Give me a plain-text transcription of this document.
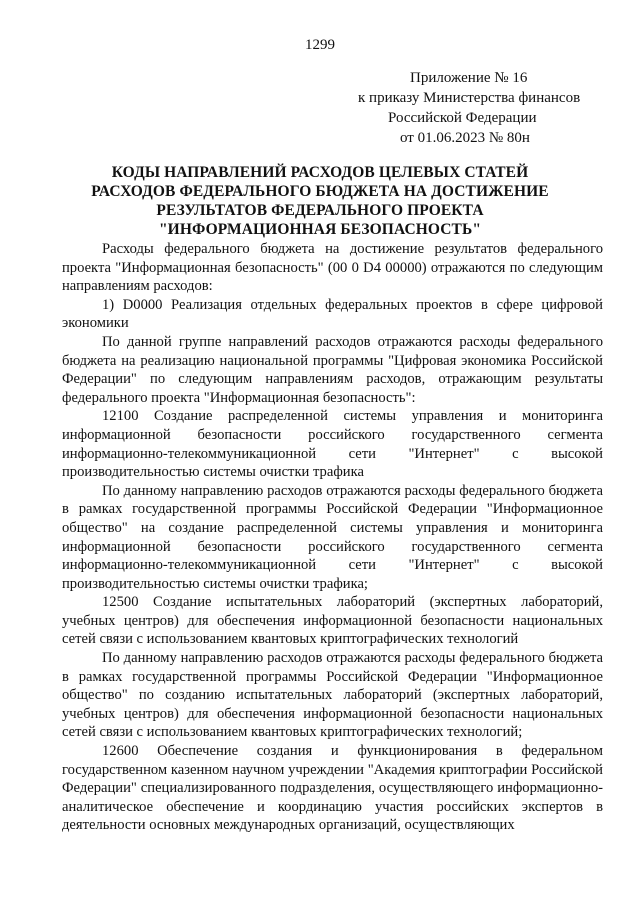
1299
Приложение № 16
к приказу Министерства финансов
Российской Федерации
от 01.06.2023 № 80н
КОДЫ НАПРАВЛЕНИЙ РАСХОДОВ ЦЕЛЕВЫХ СТАТЕЙ
РАСХОДОВ ФЕДЕРАЛЬНОГО БЮДЖЕТА НА ДОСТИЖЕНИЕ
РЕЗУЛЬТАТОВ ФЕДЕРАЛЬНОГО ПРОЕКТА
"ИНФОРМАЦИОННАЯ БЕЗОПАСНОСТЬ"

Расходы федерального бюджета на достижение результатов федерального проекта "Информационная безопасность" (00 0 D4 00000) отражаются по следующим направлениям расходов:

1) D0000 Реализация отдельных федеральных проектов в сфере цифровой экономики

По данной группе направлений расходов отражаются расходы федерального бюджета на реализацию национальной программы "Цифровая экономика Российской Федерации" по следующим направлениям расходов, отражающим результаты федерального проекта "Информационная безопасность":

12100 Создание распределенной системы управления и мониторинга информационной безопасности российского государственного сегмента информационно-телекоммуникационной сети "Интернет" с высокой производительностью системы очистки трафика

По данному направлению расходов отражаются расходы федерального бюджета в рамках государственной программы Российской Федерации "Информационное общество" на создание распределенной системы управления и мониторинга информационной безопасности российского государственного сегмента информационно-телекоммуникационной сети "Интернет" с высокой производительностью системы очистки трафика;

12500 Создание испытательных лабораторий (экспертных лабораторий, учебных центров) для обеспечения информационной безопасности национальных сетей связи с использованием квантовых криптографических технологий

По данному направлению расходов отражаются расходы федерального бюджета в рамках государственной программы Российской Федерации "Информационное общество" по созданию испытательных лабораторий (экспертных лабораторий, учебных центров) для обеспечения информационной безопасности национальных сетей связи с использованием квантовых криптографических технологий;

12600 Обеспечение создания и функционирования в федеральном государственном казенном научном учреждении "Академия криптографии Российской Федерации" специализированного подразделения, осуществляющего информационно-аналитическое обеспечение и координацию участия российских экспертов в деятельности основных международных организаций, осуществляющих
